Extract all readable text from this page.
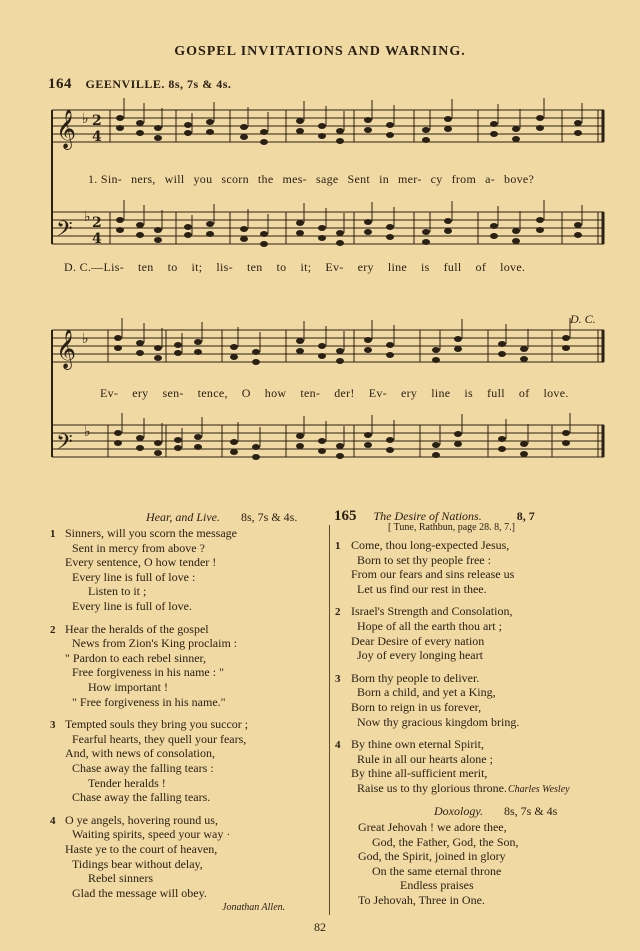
GOSPEL INVITATIONS AND WARNING.
164 GEENVILLE. 8s, 7s & 4s.
𝄞
𝄢
𝄞
𝄢
♭
♭
♭
♭
2
4
2
4
1. Sin- ners, will you scorn the mes- sage Sent in mer- cy from a- bove?
D. C.—Lis- ten to it; lis- ten to it; Ev- ery line is full of love.
D. C.
Ev- ery sen- tence, O how ten- der! Ev- ery line is full of love.
Hear, and Live. 8s, 7s & 4s.
1 Sinners, will you scorn the message
Sent in mercy from above ?
Every sentence, O how tender !
Every line is full of love :
Listen to it ;
Every line is full of love.
2 Hear the heralds of the gospel
News from Zion's King proclaim :
" Pardon to each rebel sinner,
Free forgiveness in his name : "
How important !
" Free forgiveness in his name."
3 Tempted souls they bring you succor ;
Fearful hearts, they quell your fears,
And, with news of consolation,
Chase away the falling tears :
Tender heralds !
Chase away the falling tears.
4 O ye angels, hovering round us,
Waiting spirits, speed your way ·
Haste ye to the court of heaven,
Tidings bear without delay,
Rebel sinners
Glad the message will obey.
Jonathan Allen.
165 The Desire of Nations.	8, 7
[ Tune, Rathbun, page 28. 8, 7.]
1 Come, thou long-expected Jesus,
Born to set thy people free :
From our fears and sins release us
Let us find our rest in thee.
2 Israel's Strength and Consolation,
Hope of all the earth thou art ;
Dear Desire of every nation
Joy of every longing heart
3 Born thy people to deliver.
Born a child, and yet a King,
Born to reign in us forever,
Now thy gracious kingdom bring.
4 By thine own eternal Spirit,
Rule in all our hearts alone ;
By thine all-sufficient merit,
Raise us to thy glorious throne. Charles Wesley
Doxology. 8s, 7s & 4s
Great Jehovah ! we adore thee,
God, the Father, God, the Son,
God, the Spirit, joined in glory
On the same eternal throne
Endless praises
To Jehovah, Three in One.
82
